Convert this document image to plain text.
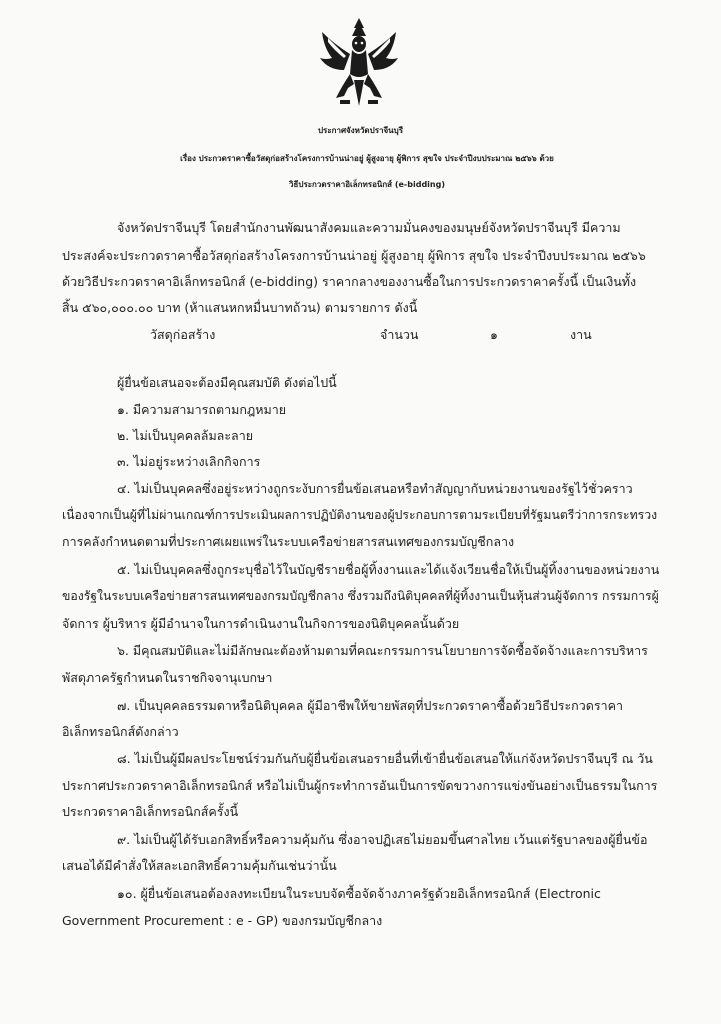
ประกาศจังหวัดปราจีนบุรี
เรื่อง ประกวดราคาซื้อวัสดุก่อสร้างโครงการบ้านน่าอยู่ ผู้สูงอายุ ผู้พิการ สุขใจ ประจำปีงบประมาณ ๒๕๖๖ ด้วย
วิธีประกวดราคาอิเล็กทรอนิกส์ (e-bidding)
จังหวัดปราจีนบุรี โดยสำนักงานพัฒนาสังคมและความมั่นคงของมนุษย์จังหวัดปราจีนบุรี มีความ
ประสงค์จะประกวดราคาซื้อวัสดุก่อสร้างโครงการบ้านน่าอยู่ ผู้สูงอายุ ผู้พิการ สุขใจ ประจำปีงบประมาณ ๒๕๖๖
ด้วยวิธีประกวดราคาอิเล็กทรอนิกส์ (e-bidding) ราคากลางของงานซื้อในการประกวดราคาครั้งนี้ เป็นเงินทั้ง
สิ้น ๕๖๐,๐๐๐.๐๐ บาท (ห้าแสนหกหมื่นบาทถ้วน) ตามรายการ ดังนี้
วัสดุก่อสร้าง	จำนวน	๑	งาน
ผู้ยื่นข้อเสนอจะต้องมีคุณสมบัติ ดังต่อไปนี้
๑. มีความสามารถตามกฎหมาย
๒. ไม่เป็นบุคคลล้มละลาย
๓. ไม่อยู่ระหว่างเลิกกิจการ
๔. ไม่เป็นบุคคลซึ่งอยู่ระหว่างถูกระงับการยื่นข้อเสนอหรือทำสัญญากับหน่วยงานของรัฐไว้ชั่วคราว
เนื่องจากเป็นผู้ที่ไม่ผ่านเกณฑ์การประเมินผลการปฏิบัติงานของผู้ประกอบการตามระเบียบที่รัฐมนตรีว่าการกระทรวง
การคลังกำหนดตามที่ประกาศเผยแพร่ในระบบเครือข่ายสารสนเทศของกรมบัญชีกลาง
๕. ไม่เป็นบุคคลซึ่งถูกระบุชื่อไว้ในบัญชีรายชื่อผู้ทิ้งงานและได้แจ้งเวียนชื่อให้เป็นผู้ทิ้งงานของหน่วยงาน
ของรัฐในระบบเครือข่ายสารสนเทศของกรมบัญชีกลาง ซึ่งรวมถึงนิติบุคคลที่ผู้ทิ้งงานเป็นหุ้นส่วนผู้จัดการ กรรมการผู้
จัดการ ผู้บริหาร ผู้มีอำนาจในการดำเนินงานในกิจการของนิติบุคคลนั้นด้วย
๖. มีคุณสมบัติและไม่มีลักษณะต้องห้ามตามที่คณะกรรมการนโยบายการจัดซื้อจัดจ้างและการบริหาร
พัสดุภาครัฐกำหนดในราชกิจจานุเบกษา
๗. เป็นบุคคลธรรมดาหรือนิติบุคคล ผู้มีอาชีพให้ขายพัสดุที่ประกวดราคาซื้อด้วยวิธีประกวดราคา
อิเล็กทรอนิกส์ดังกล่าว
๘. ไม่เป็นผู้มีผลประโยชน์ร่วมกันกับผู้ยื่นข้อเสนอรายอื่นที่เข้ายื่นข้อเสนอให้แก่จังหวัดปราจีนบุรี ณ วัน
ประกาศประกวดราคาอิเล็กทรอนิกส์ หรือไม่เป็นผู้กระทำการอันเป็นการขัดขวางการแข่งขันอย่างเป็นธรรมในการ
ประกวดราคาอิเล็กทรอนิกส์ครั้งนี้
๙. ไม่เป็นผู้ได้รับเอกสิทธิ์หรือความคุ้มกัน ซึ่งอาจปฏิเสธไม่ยอมขึ้นศาลไทย เว้นแต่รัฐบาลของผู้ยื่นข้อ
เสนอได้มีคำสั่งให้สละเอกสิทธิ์ความคุ้มกันเช่นว่านั้น
๑๐. ผู้ยื่นข้อเสนอต้องลงทะเบียนในระบบจัดซื้อจัดจ้างภาครัฐด้วยอิเล็กทรอนิกส์ (Electronic
Government Procurement : e - GP) ของกรมบัญชีกลาง
